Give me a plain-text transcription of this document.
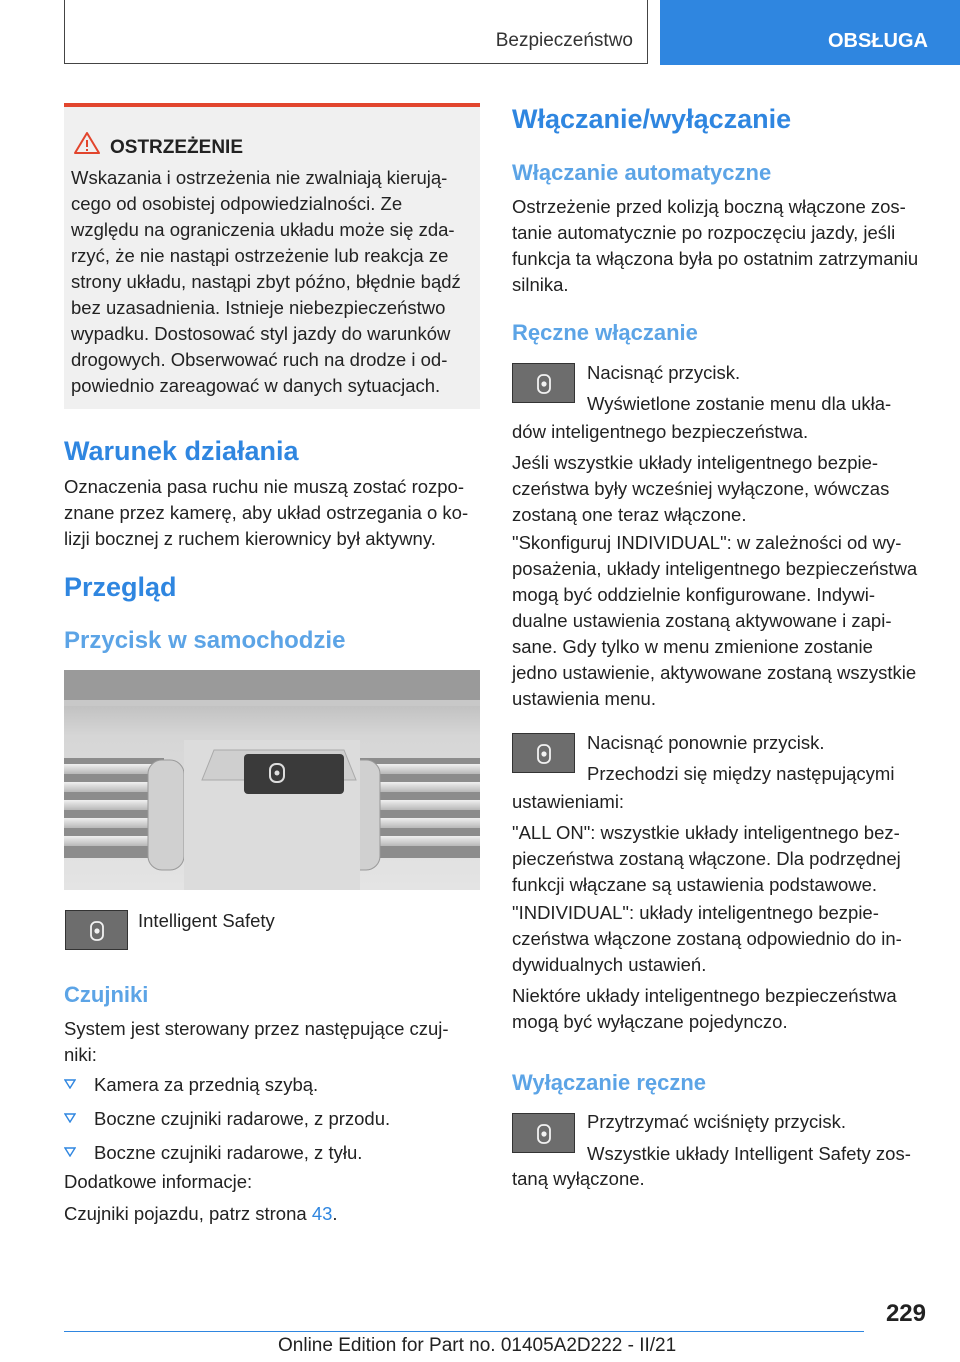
Bezpieczeństwo	OBSŁUGA
OSTRZEŻENIE
Wskazania i ostrzeżenia nie zwalniają kierują‑
cego od osobistej odpowiedzialności. Ze
względu na ograniczenia układu może się zda‑
rzyć, że nie nastąpi ostrzeżenie lub reakcja ze
strony układu, nastąpi zbyt późno, błędnie bądź
bez uzasadnienia. Istnieje niebezpieczeństwo
wypadku. Dostosować styl jazdy do warunków
drogowych. Obserwować ruch na drodze i od‑
powiednio zareagować w danych sytuacjach.
Warunek działania
Oznaczenia pasa ruchu nie muszą zostać rozpo‑
znane przez kamerę, aby układ ostrzegania o ko‑
lizji bocznej z ruchem kierownicy był aktywny.
Przegląd
Przycisk w samochodzie
Intelligent Safety
Czujniki
System jest sterowany przez następujące czuj‑
niki:
Kamera za przednią szybą.
Boczne czujniki radarowe, z przodu.
Boczne czujniki radarowe, z tyłu.
Dodatkowe informacje:
Czujniki pojazdu, patrz strona 43.
Włączanie/wyłączanie
Włączanie automatyczne
Ostrzeżenie przed kolizją boczną włączone zos‑
tanie automatycznie po rozpoczęciu jazdy, jeśli
funkcja ta włączona była po ostatnim zatrzymaniu
silnika.
Ręczne włączanie
Nacisnąć przycisk.
Wyświetlone zostanie menu dla ukła‑
dów inteligentnego bezpieczeństwa.
Jeśli wszystkie układy inteligentnego bezpie‑
czeństwa były wcześniej wyłączone, wówczas
zostaną one teraz włączone.
"Skonfiguruj INDIVIDUAL": w zależności od wy‑
posażenia, układy inteligentnego bezpieczeństwa
mogą być oddzielnie konfigurowane. Indywi‑
dualne ustawienia zostaną aktywowane i zapi‑
sane. Gdy tylko w menu zmienione zostanie
jedno ustawienie, aktywowane zostaną wszystkie
ustawienia menu.
Nacisnąć ponownie przycisk.
Przechodzi się między następującymi
ustawieniami:
"ALL ON": wszystkie układy inteligentnego bez‑
pieczeństwa zostaną włączone. Dla podrzędnej
funkcji włączane są ustawienia podstawowe.
"INDIVIDUAL": układy inteligentnego bezpie‑
czeństwa włączone zostaną odpowiednio do in‑
dywidualnych ustawień.
Niektóre układy inteligentnego bezpieczeństwa
mogą być wyłączane pojedynczo.
Wyłączanie ręczne
Przytrzymać wciśnięty przycisk.
Wszystkie układy Intelligent Safety zos‑
taną wyłączone.
229
Online Edition for Part no. 01405A2D222 - II/21
